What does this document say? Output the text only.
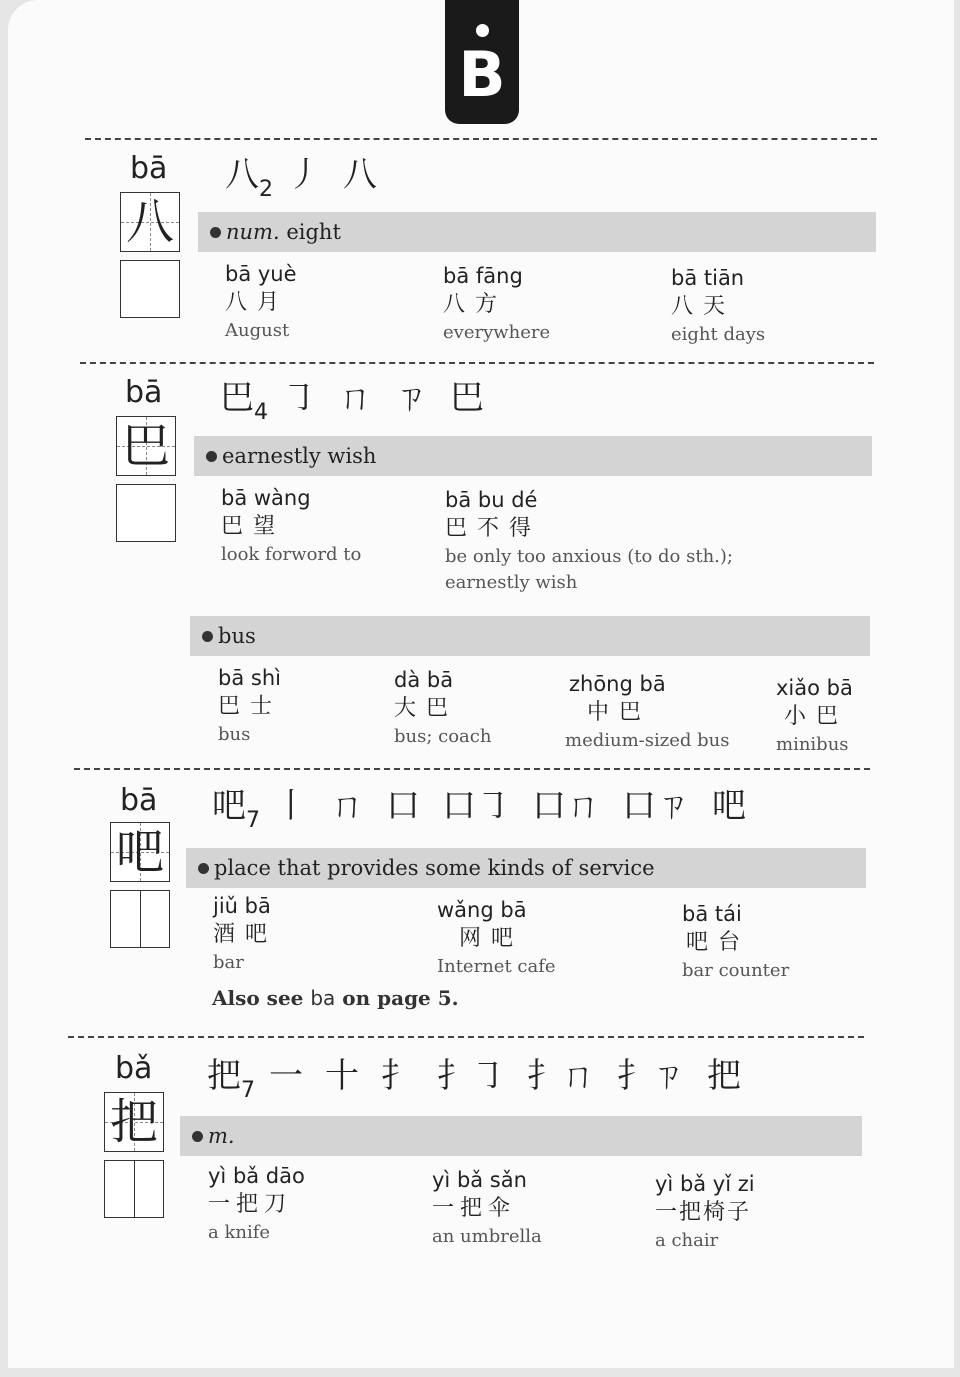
B
bā
八
八$_2$ 丿 八
num. eight
bā yuè
八月
August
bā fāng
八方
everywhere
bā tiān
八天
eight days
bā
巴
巴$_4$ ㇆ ㄇ ㄗ 巴
earnestly wish
bā wàng
巴望
look forword to
bā bu dé
巴不得
be only too anxious (to do sth.);
earnestly wish
bus
bā shì
巴士
bus
dà bā
大巴
bus; coach
zhōng bā
中巴
medium-sized bus
xiǎo bā
小巴
minibus
bā
吧
吧$_7$ 丨 ㄇ 口 口㇆ 口ㄇ 口ㄗ 吧
place that provides some kinds of service
jiǔ bā
酒吧
bar
wǎng bā
网吧
Internet cafe
bā tái
吧台
bar counter
Also see ba on page 5.
bǎ
把
把$_7$ 一 十 扌 扌㇆ 扌ㄇ 扌ㄗ 把
m.
yì bǎ dāo
一把刀
a knife
yì bǎ sǎn
一把伞
an umbrella
yì bǎ yǐ zi
一把椅子
a chair
